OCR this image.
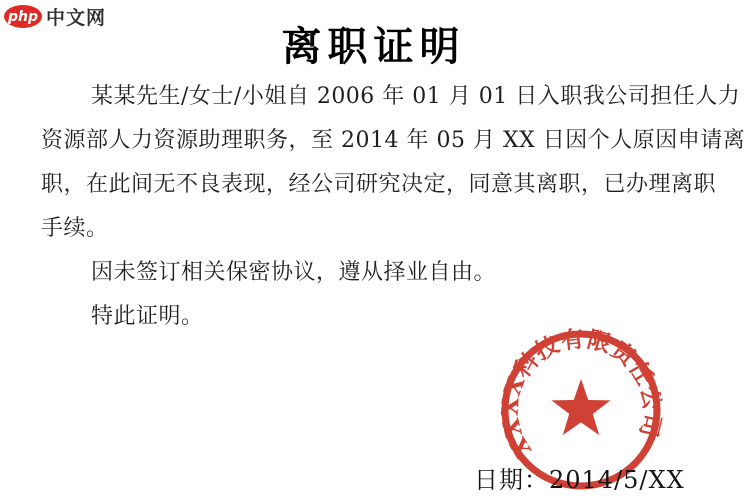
php 中文网
离职证明
某某先生/女士/小姐自 2006 年 01 月 01 日入职我公司担任人力
资源部人力资源助理职务，至 2014 年 05 月 XX 日因个人原因申请离
职，在此间无不良表现，经公司研究决定，同意其离职，已办理离职
手续。
因未签订相关保密协议，遵从择业自由。
特此证明。
XXXX科技有限责任公司
日期：2014/5/XX
